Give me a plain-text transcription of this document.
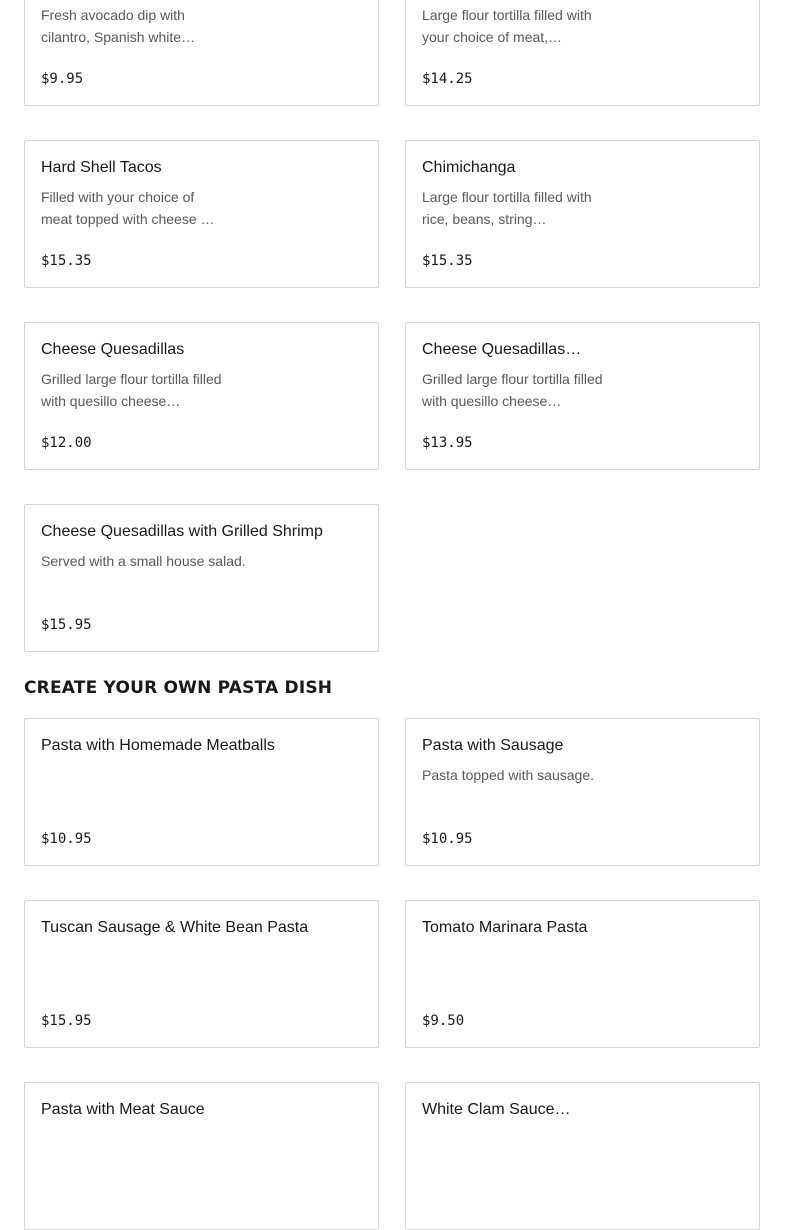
Fresh avocado dip with cilantro, Spanish white…
$9.95
Large flour tortilla filled with your choice of meat,…
$14.25
Hard Shell Tacos
Filled with your choice of meat topped with cheese …
$15.35
Chimichanga
Large flour tortilla filled with rice, beans, string…
$15.35
Cheese Quesadillas
Grilled large flour tortilla filled with quesillo cheese…
$12.00
Cheese Quesadillas…
Grilled large flour tortilla filled with quesillo cheese…
$13.95
Cheese Quesadillas with Grilled Shrimp
Served with a small house salad.
$15.95
CREATE YOUR OWN PASTA DISH
Pasta with Homemade Meatballs
$10.95
Pasta with Sausage
Pasta topped with sausage.
$10.95
Tuscan Sausage & White Bean Pasta
$15.95
Tomato Marinara Pasta
$9.50
Pasta with Meat Sauce	White Clam Sauce…
